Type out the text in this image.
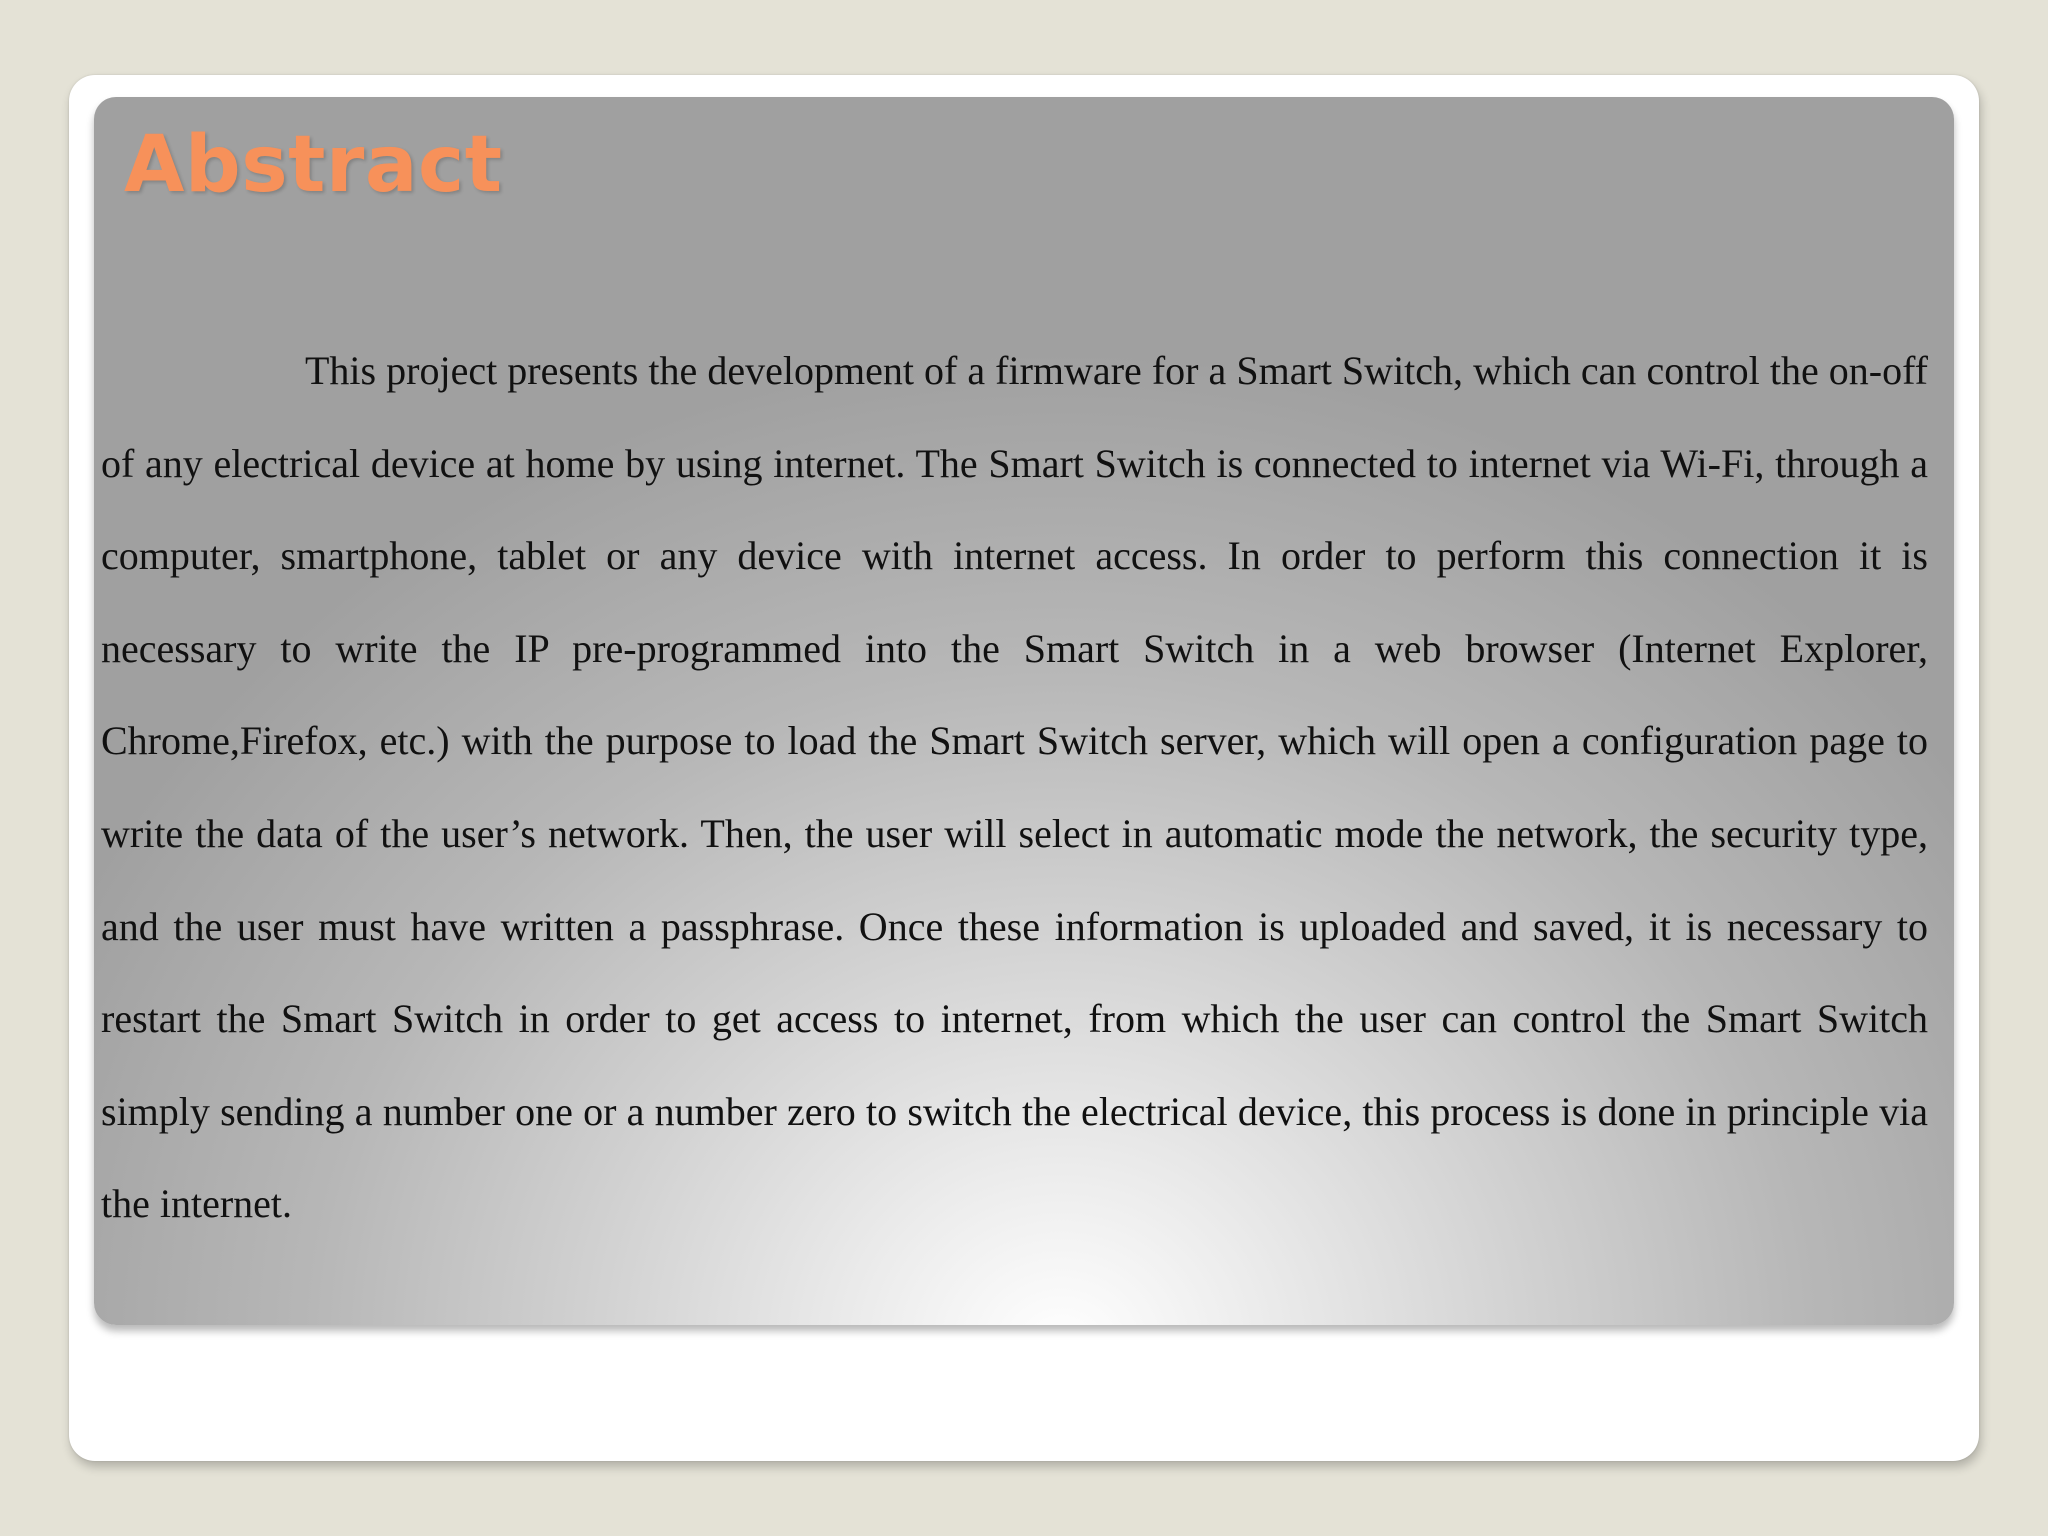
Abstract

This project presents the development of a firmware for a Smart Switch, which can control the on-off of any electrical device at home by using internet. The Smart Switch is connected to internet via Wi-Fi, through a computer, smartphone, tablet or any device with internet access. In order to perform this connection it is necessary to write the IP pre-programmed into the Smart Switch in a web browser (Internet Explorer, Chrome,Firefox, etc.) with the purpose to load the Smart Switch server, which will open a configuration page to write the data of the user’s network. Then, the user will select in automatic mode the network, the security type, and the user must have written a passphrase. Once these information is uploaded and saved, it is necessary to restart the Smart Switch in order to get access to internet, from which the user can control the Smart Switch simply sending a number one or a number zero to switch the electrical device, this process is done in principle via the internet.
